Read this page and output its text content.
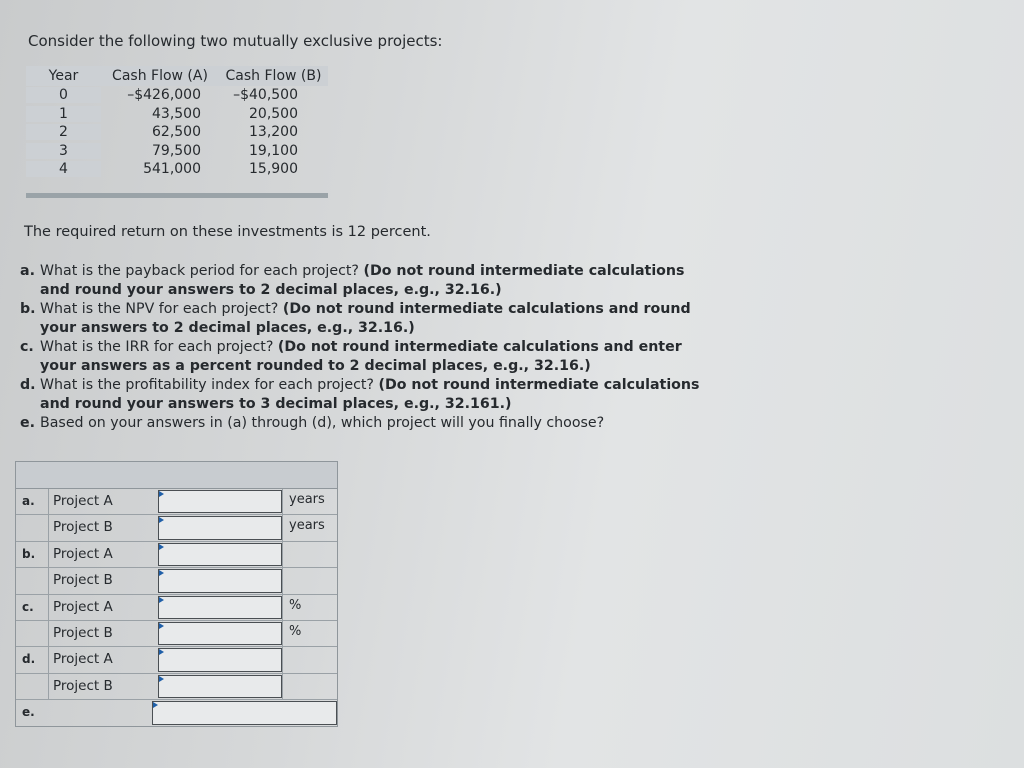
Consider the following two mutually exclusive projects:

Year	Cash Flow (A)	Cash Flow (B)
0	–$426,000	–$40,500
1	43,500	20,500
2	62,500	13,200
3	79,500	19,100
4	541,000	15,900

The required return on these investments is 12 percent.

a. What is the payback period for each project? (Do not round intermediate calculations and round your answers to 2 decimal places, e.g., 32.16.)
b. What is the NPV for each project? (Do not round intermediate calculations and round your answers to 2 decimal places, e.g., 32.16.)
c. What is the IRR for each project? (Do not round intermediate calculations and enter your answers as a percent rounded to 2 decimal places, e.g., 32.16.)
d. What is the profitability index for each project? (Do not round intermediate calculations and round your answers to 3 decimal places, e.g., 32.161.)
e. Based on your answers in (a) through (d), which project will you finally choose?
a.	Project A	years
Project B	years
b.	Project A
Project B
c.	Project A	%
Project B	%
d.	Project A
Project B
e.
